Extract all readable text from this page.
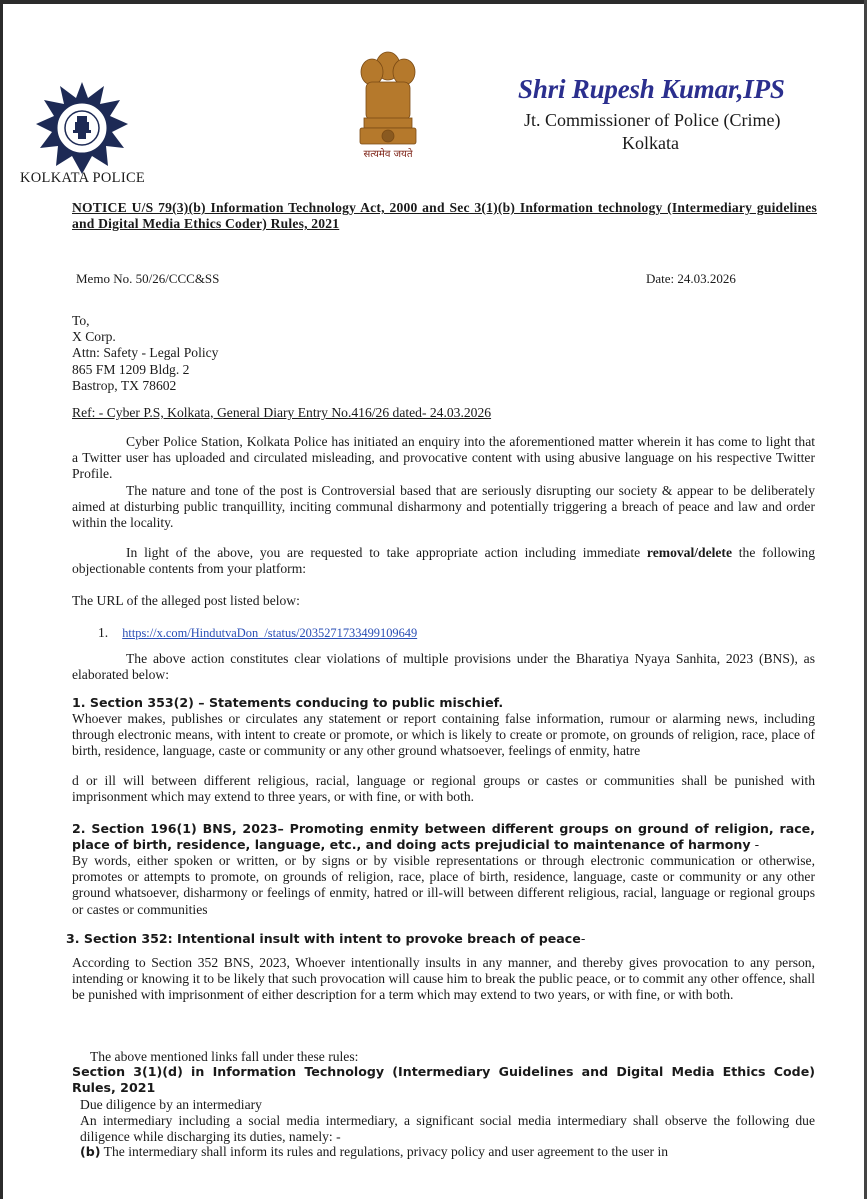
KOLKATA POLICE
सत्यमेव जयते
Shri Rupesh Kumar,IPS
Jt. Commissioner of Police (Crime)
Kolkata
NOTICE U/S 79(3)(b) Information Technology Act, 2000 and Sec 3(1)(b) Information technology (Intermediary guidelines and Digital Media Ethics Coder) Rules, 2021
Memo No. 50/26/CCC&SS	Date: 24.03.2026
To,
X Corp.
Attn: Safety - Legal Policy
865 FM 1209 Bldg. 2
Bastrop, TX 78602
Ref: - Cyber P.S, Kolkata, General Diary Entry No.416/26 dated- 24.03.2026
Cyber Police Station, Kolkata Police has initiated an enquiry into the aforementioned matter wherein it has come to light that a Twitter user has uploaded and circulated misleading, and provocative content with using abusive language on his respective Twitter Profile.
The nature and tone of the post is Controversial based that are seriously disrupting our society & appear to be deliberately aimed at disturbing public tranquillity, inciting communal disharmony and potentially triggering a breach of peace and law and order within the locality.
In light of the above, you are requested to take appropriate action including immediate removal/delete the following objectionable contents from your platform:
The URL of the alleged post listed below:
1. https://x.com/HindutvaDon_/status/2035271733499109649
The above action constitutes clear violations of multiple provisions under the Bharatiya Nyaya Sanhita, 2023 (BNS), as elaborated below:
1. Section 353(2) – Statements conducing to public mischief.
Whoever makes, publishes or circulates any statement or report containing false information, rumour or alarming news, including through electronic means, with intent to create or promote, or which is likely to create or promote, on grounds of religion, race, place of birth, residence, language, caste or community or any other ground whatsoever, feelings of enmity, hatre
d or ill will between different religious, racial, language or regional groups or castes or communities shall be punished with imprisonment which may extend to three years, or with fine, or with both.
2. Section 196(1) BNS, 2023– Promoting enmity between different groups on ground of religion, race, place of birth, residence, language, etc., and doing acts prejudicial to maintenance of harmony -
By words, either spoken or written, or by signs or by visible representations or through electronic communication or otherwise, promotes or attempts to promote, on grounds of religion, race, place of birth, residence, language, caste or community or any other ground whatsoever, disharmony or feelings of enmity, hatred or ill-will between different religious, racial, language or regional groups or castes or communities
3. Section 352: Intentional insult with intent to provoke breach of peace-
According to Section 352 BNS, 2023, Whoever intentionally insults in any manner, and thereby gives provocation to any person, intending or knowing it to be likely that such provocation will cause him to break the public peace, or to commit any other offence, shall be punished with imprisonment of either description for a term which may extend to two years, or with fine, or with both.
The above mentioned links fall under these rules:
Section 3(1)(d) in Information Technology (Intermediary Guidelines and Digital Media Ethics Code) Rules, 2021
Due diligence by an intermediary
An intermediary including a social media intermediary, a significant social media intermediary shall observe the following due diligence while discharging its duties, namely: -
(b) The intermediary shall inform its rules and regulations, privacy policy and user agreement to the user in
